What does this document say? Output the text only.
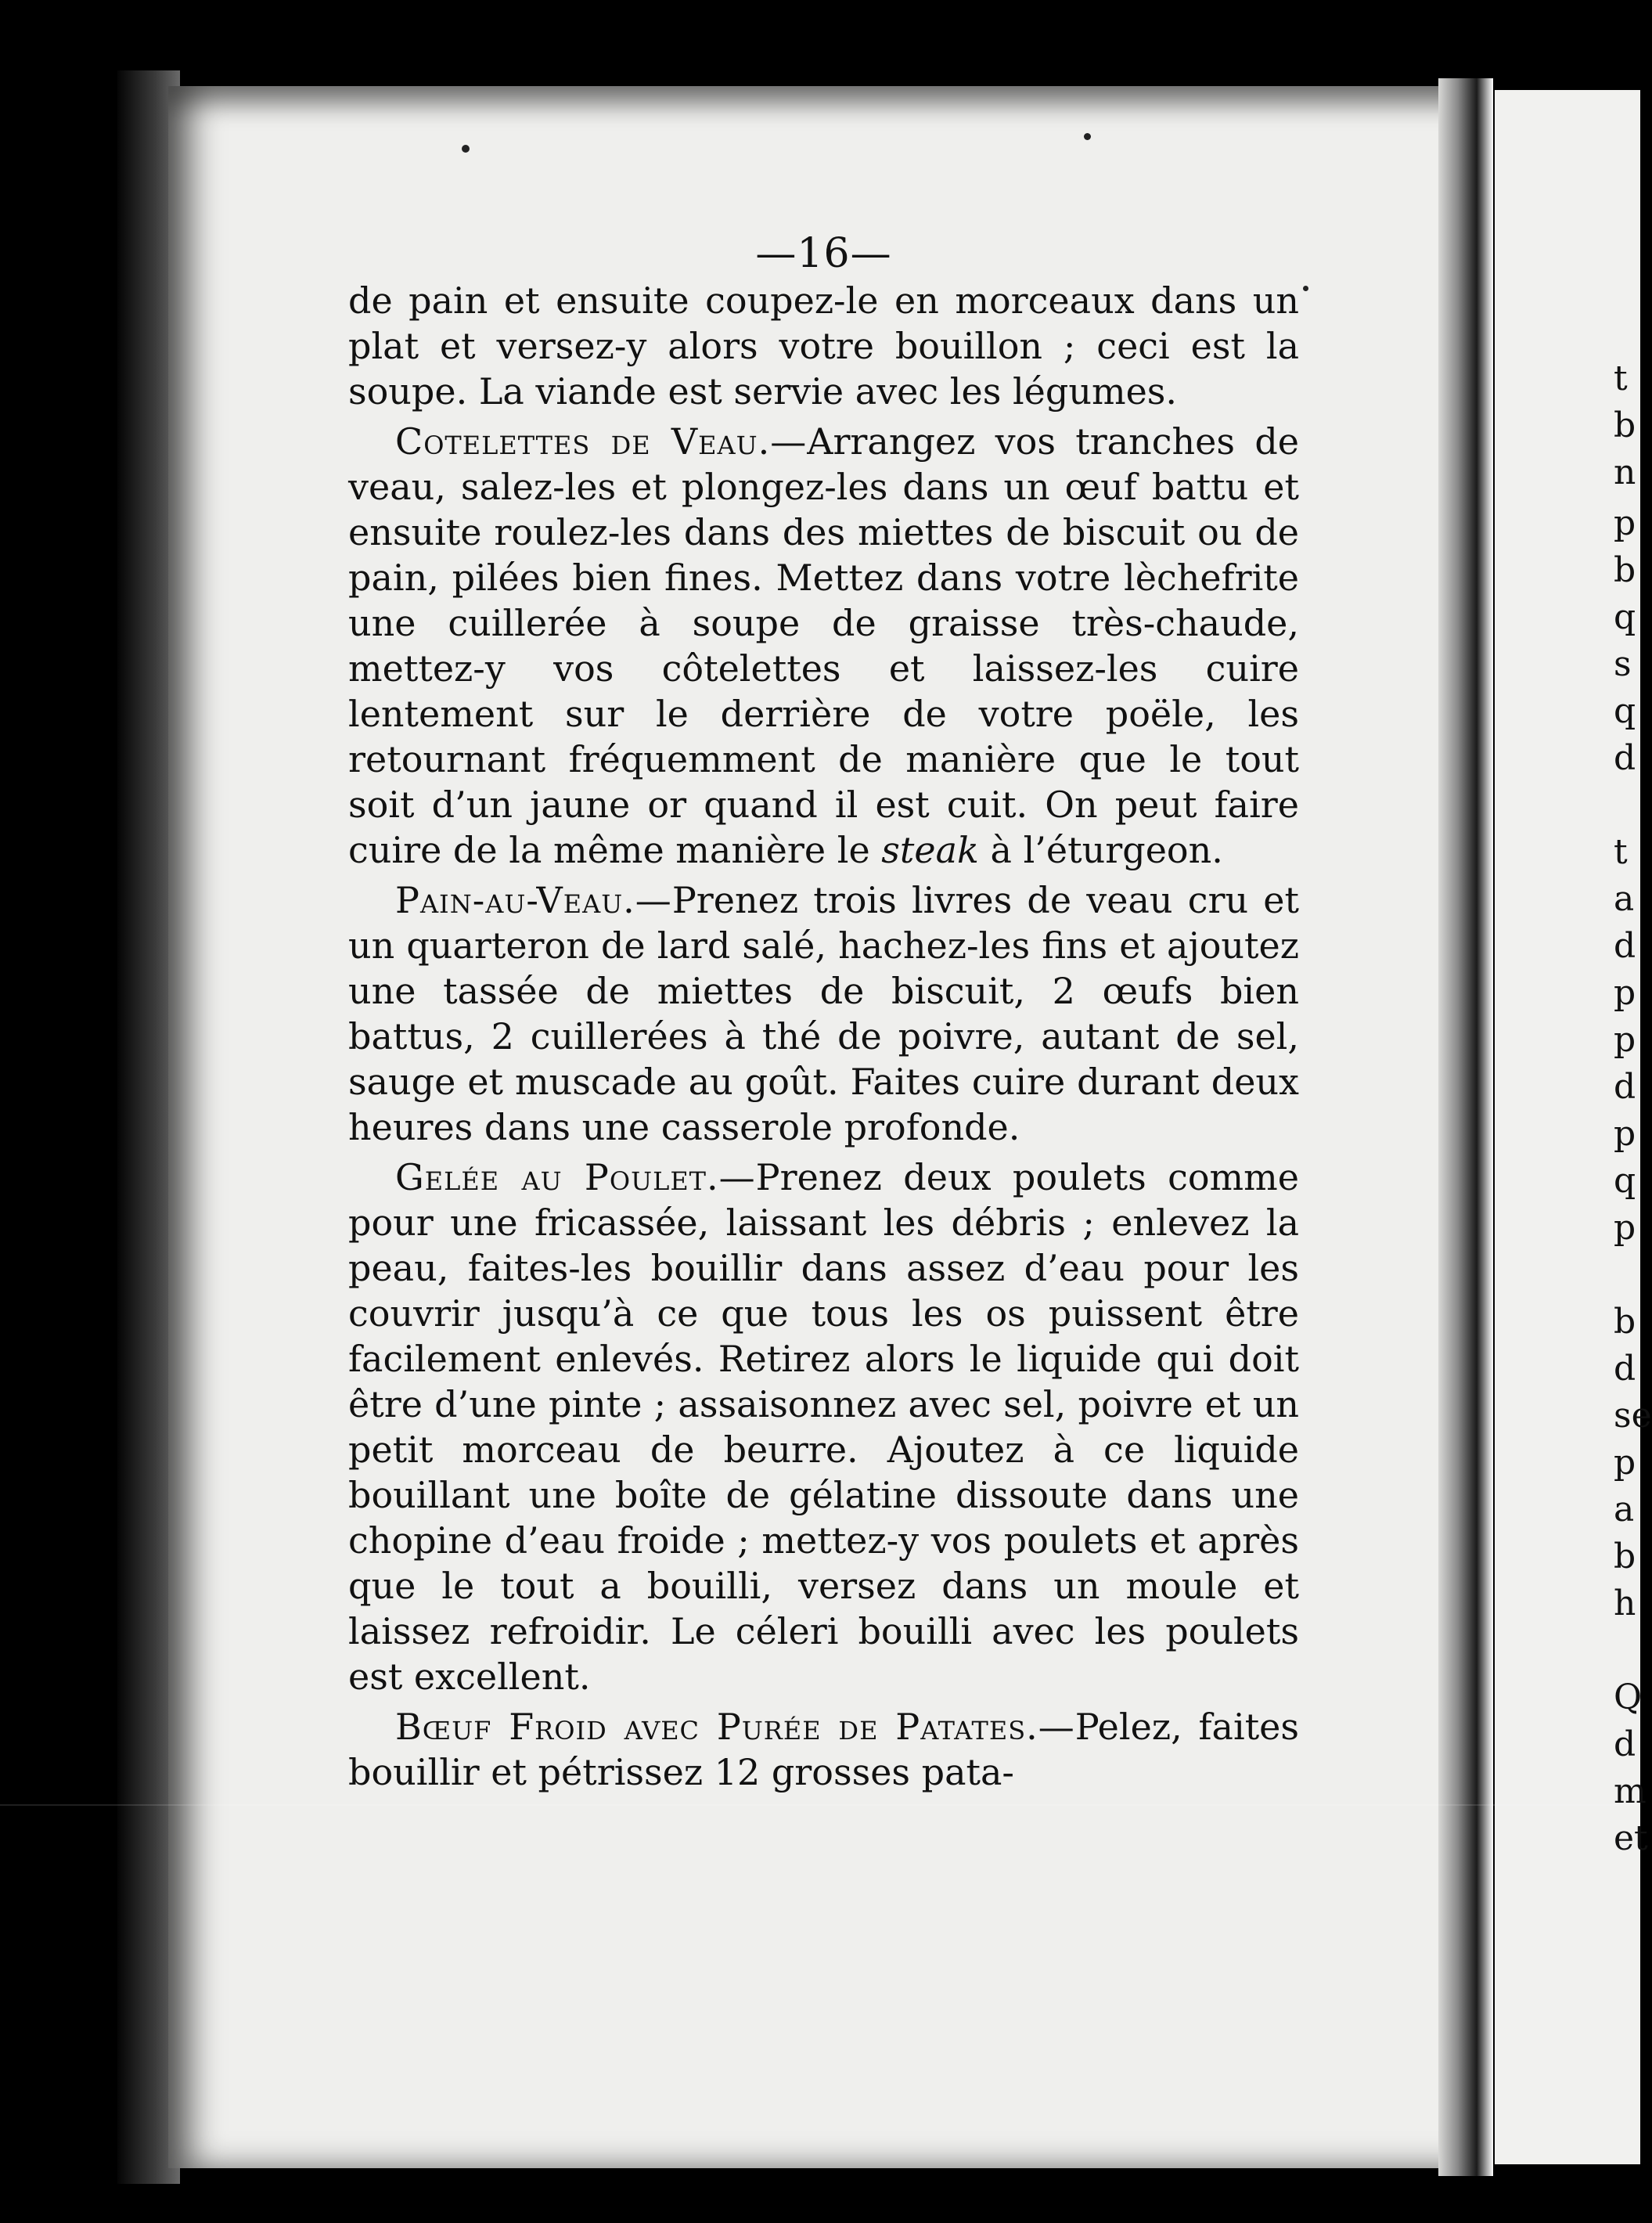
—16—

de pain et ensuite coupez-le en morceaux dans un plat et versez-y alors votre bouillon ; ceci est la soupe. La viande est servie avec les légumes.

Cotelettes de Veau.—Arrangez vos tranches de veau, salez-les et plongez-les dans un œuf battu et ensuite roulez-les dans des miettes de biscuit ou de pain, pilées bien fines. Mettez dans votre lèchefrite une cuillerée à soupe de graisse très-chaude, mettez-y vos côtelettes et laissez-les cuire lentement sur le derrière de votre poële, les retournant fréquemment de manière que le tout soit d’un jaune or quand il est cuit. On peut faire cuire de la même manière le steak à l’éturgeon.

Pain-au-Veau.—Prenez trois livres de veau cru et un quarteron de lard salé, hachez-les fins et ajoutez une tassée de miettes de biscuit, 2 œufs bien battus, 2 cuillerées à thé de poivre, autant de sel, sauge et muscade au goût. Faites cuire durant deux heures dans une casserole profonde.

Gelée au Poulet.—Prenez deux poulets comme pour une fricassée, laissant les débris ; enlevez la peau, faites-les bouillir dans assez d’eau pour les couvrir jusqu’à ce que tous les os puissent être facilement enlevés. Retirez alors le liquide qui doit être d’une pinte ; assaisonnez avec sel, poivre et un petit morceau de beurre. Ajoutez à ce liquide bouillant une boîte de gélatine dissoute dans une chopine d’eau froide ; mettez-y vos poulets et après que le tout a bouilli, versez dans un moule et laissez refroidir. Le céleri bouilli avec les poulets est excellent.

Bœuf Froid avec Purée de Patates.—Pelez, faites bouillir et pétrissez 12 grosses pata-

t
b
n
p
b
q
s
q
d
t
a
d
p
p
d
p
q
p
b
d
se
p
a
b
h
Q
d
m
et
